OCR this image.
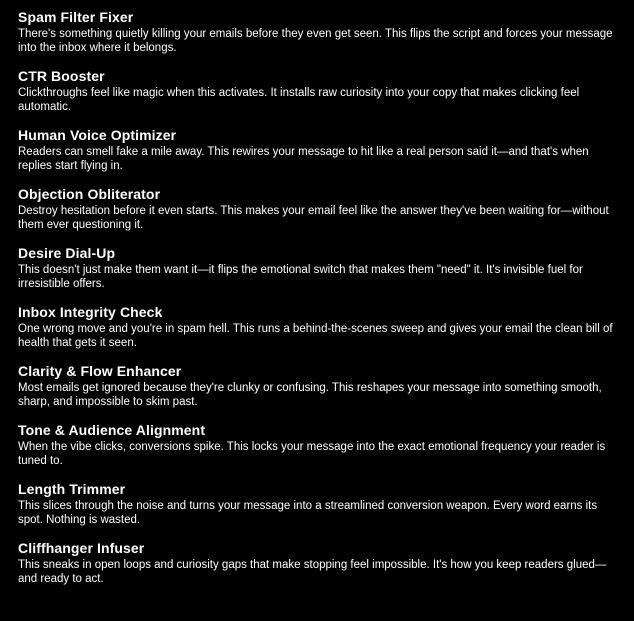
Spam Filter Fixer

There's something quietly killing your emails before they even get seen. This flips the script and forces your message into the inbox where it belongs.

CTR Booster

Clickthroughs feel like magic when this activates. It installs raw curiosity into your copy that makes clicking feel automatic.

Human Voice Optimizer

Readers can smell fake a mile away. This rewires your message to hit like a real person said it—and that's when replies start flying in.

Objection Obliterator

Destroy hesitation before it even starts. This makes your email feel like the answer they've been waiting for—without them ever questioning it.

Desire Dial-Up

This doesn't just make them want it—it flips the emotional switch that makes them "need" it. It's invisible fuel for irresistible offers.

Inbox Integrity Check

One wrong move and you're in spam hell. This runs a behind-the-scenes sweep and gives your email the clean bill of health that gets it seen.

Clarity & Flow Enhancer

Most emails get ignored because they're clunky or confusing. This reshapes your message into something smooth, sharp, and impossible to skim past.

Tone & Audience Alignment

When the vibe clicks, conversions spike. This locks your message into the exact emotional frequency your reader is tuned to.

Length Trimmer

This slices through the noise and turns your message into a streamlined conversion weapon. Every word earns its spot. Nothing is wasted.

Cliffhanger Infuser

This sneaks in open loops and curiosity gaps that make stopping feel impossible. It's how you keep readers glued—and ready to act.
